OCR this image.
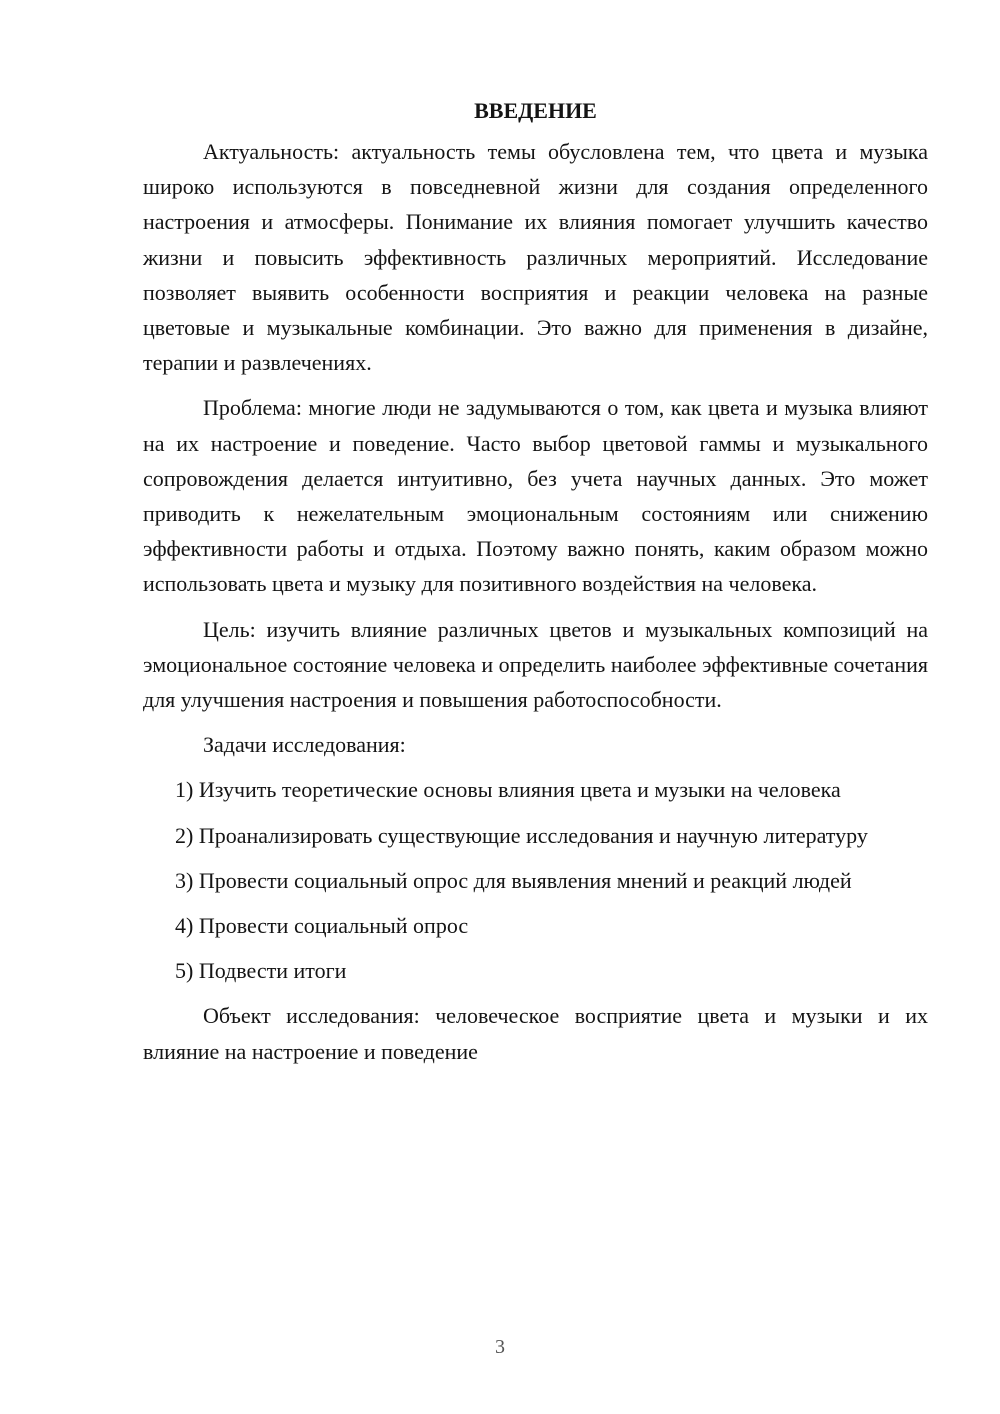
ВВЕДЕНИЕ

Актуальность: актуальность темы обусловлена тем, что цвета и музыка широко используются в повседневной жизни для создания определенного настроения и атмосферы. Понимание их влияния помогает улучшить качество жизни и повысить эффективность различных мероприятий. Исследование позволяет выявить особенности восприятия и реакции человека на разные цветовые и музыкальные комбинации. Это важно для применения в дизайне, терапии и развлечениях.

Проблема: многие люди не задумываются о том, как цвета и музыка влияют на их настроение и поведение. Часто выбор цветовой гаммы и музыкального сопровождения делается интуитивно, без учета научных данных. Это может приводить к нежелательным эмоциональным состояниям или снижению эффективности работы и отдыха. Поэтому важно понять, каким образом можно использовать цвета и музыку для позитивного воздействия на человека.

Цель: изучить влияние различных цветов и музыкальных композиций на эмоциональное состояние человека и определить наиболее эффективные сочетания для улучшения настроения и повышения работоспособности.

Задачи исследования:

1) Изучить теоретические основы влияния цвета и музыки на человека

2) Проанализировать существующие исследования и научную литературу

3) Провести социальный опрос для выявления мнений и реакций людей

4) Провести социальный опрос

5) Подвести итоги

Объект исследования: человеческое восприятие цвета и музыки и их влияние на настроение и поведение

3
